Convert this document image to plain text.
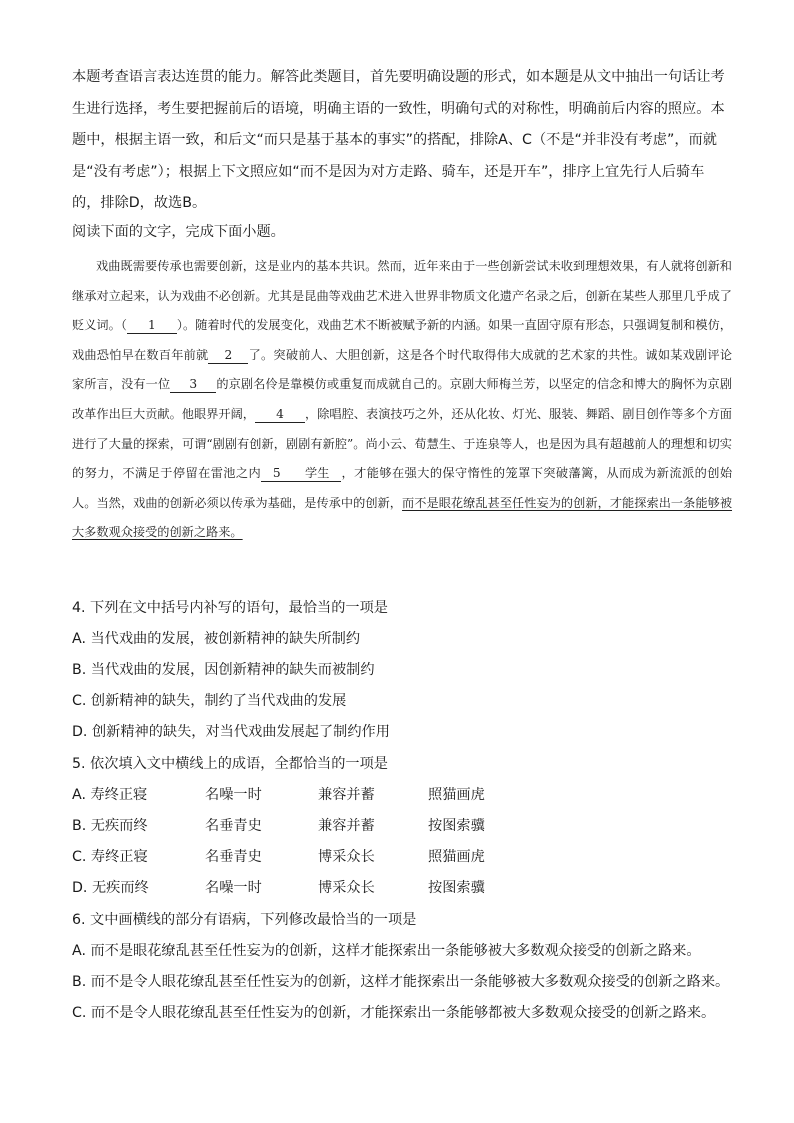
本题考查语言表达连贯的能力。解答此类题目，首先要明确设题的形式，如本题是从文中抽出一句话让考生进行选择，考生要把握前后的语境，明确主语的一致性，明确句式的对称性，明确前后内容的照应。本题中，根据主语一致，和后文“而只是基于基本的事实”的搭配，排除A、C（不是“并非没有考虑”，而就是“没有考虑”）；根据上下文照应如“而不是因为对方走路、骑车，还是开车”，排序上宜先行人后骑车的，排除D，故选B。
阅读下面的文字，完成下面小题。
戏曲既需要传承也需要创新，这是业内的基本共识。然而，近年来由于一些创新尝试未收到理想效果，有人就将创新和继承对立起来，认为戏曲不必创新。尤其是昆曲等戏曲艺术进入世界非物质文化遗产名录之后，创新在某些人那里几乎成了贬义词。（ 1 ）。随着时代的发展变化，戏曲艺术不断被赋予新的内涵。如果一直固守原有形态，只强调复制和模仿，戏曲恐怕早在数百年前就 2 了。突破前人、大胆创新，这是各个时代取得伟大成就的艺术家的共性。诚如某戏剧评论家所言，没有一位 3 的京剧名伶是靠模仿或重复而成就自己的。京剧大师梅兰芳，以坚定的信念和博大的胸怀为京剧改革作出巨大贡献。他眼界开阔， 4 ，除唱腔、表演技巧之外，还从化妆、灯光、服装、舞蹈、剧目创作等多个方面进行了大量的探索，可谓“剧剧有创新，剧剧有新腔”。尚小云、荀慧生、于连泉等人，也是因为具有超越前人的理想和切实的努力，不满足于停留在雷池之内 5　　学生 ，才能够在强大的保守惰性的笼罩下突破藩篱，从而成为新流派的创始人。当然，戏曲的创新必须以传承为基础，是传承中的创新，而不是眼花缭乱甚至任性妄为的创新，才能探索出一条能够被大多数观众接受的创新之路来。
4. 下列在文中括号内补写的语句，最恰当的一项是
A. 当代戏曲的发展，被创新精神的缺失所制约
B. 当代戏曲的发展，因创新精神的缺失而被制约
C. 创新精神的缺失，制约了当代戏曲的发展
D. 创新精神的缺失，对当代戏曲发展起了制约作用
5. 依次填入文中横线上的成语，全都恰当的一项是
A. 寿终正寝	名噪一时	兼容并蓄	照猫画虎
B. 无疾而终	名垂青史	兼容并蓄	按图索骥
C. 寿终正寝	名垂青史	博采众长	照猫画虎
D. 无疾而终	名噪一时	博采众长	按图索骥
6. 文中画横线的部分有语病，下列修改最恰当的一项是
A. 而不是眼花缭乱甚至任性妄为的创新，这样才能探索出一条能够被大多数观众接受的创新之路来。
B. 而不是令人眼花缭乱甚至任性妄为的创新，这样才能探索出一条能够被大多数观众接受的创新之路来。
C. 而不是令人眼花缭乱甚至任性妄为的创新，才能探索出一条能够都被大多数观众接受的创新之路来。
